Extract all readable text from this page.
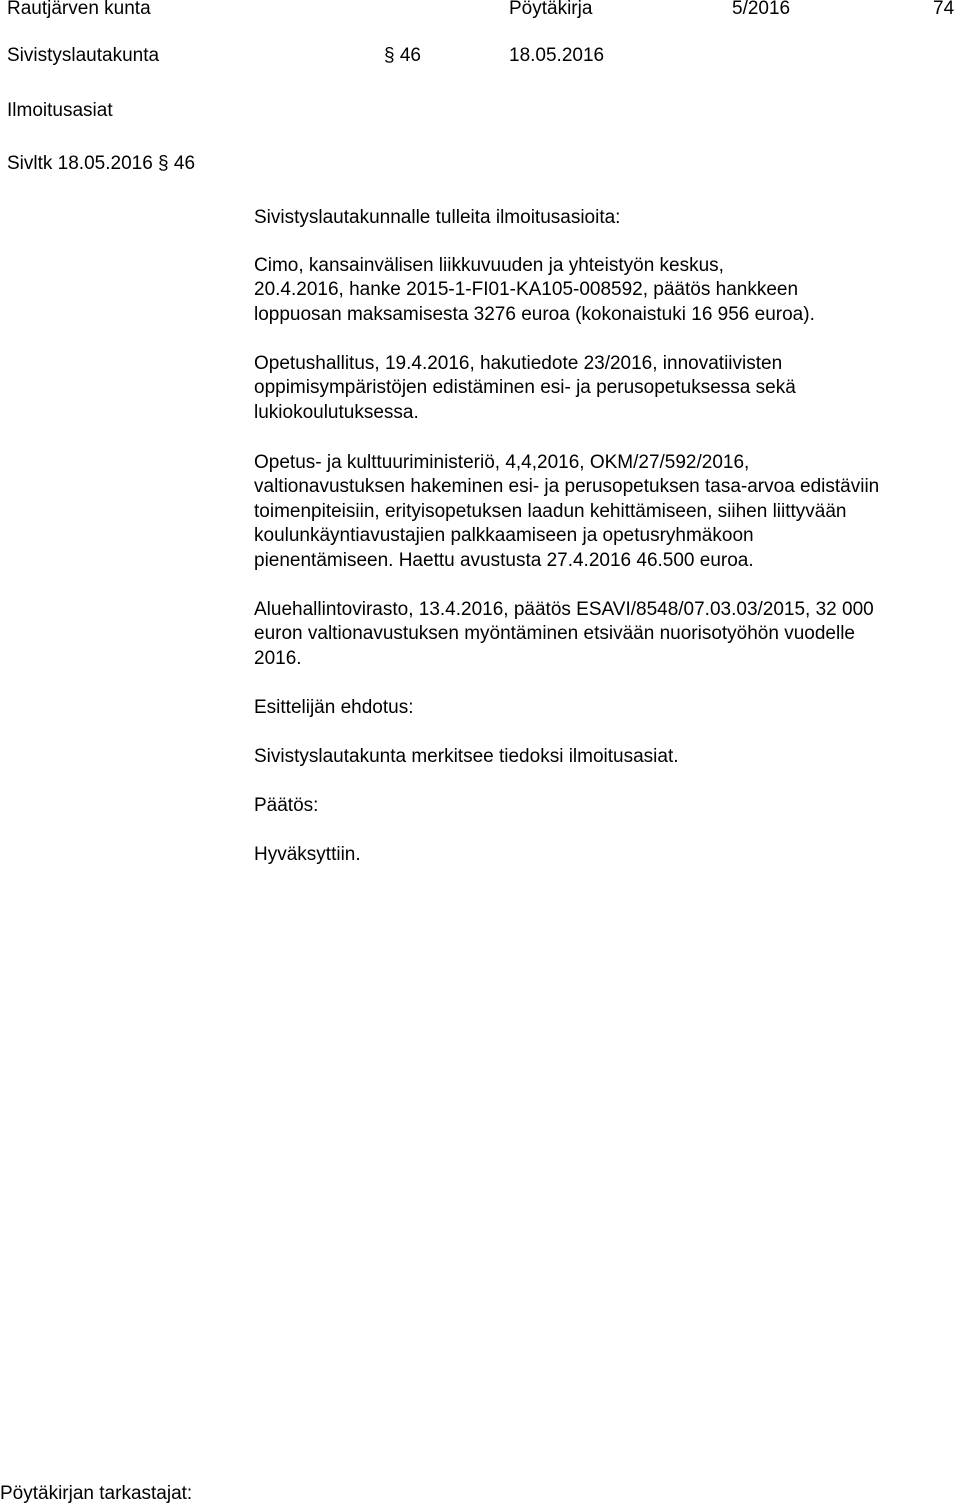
Rautjärven kunta	Pöytäkirja	5/2016	74
Sivistyslautakunta	§ 46	18.05.2016
Ilmoitusasiat
Sivltk 18.05.2016 § 46
Sivistyslautakunnalle tulleita ilmoitusasioita:
Cimo, kansainvälisen liikkuvuuden ja yhteistyön keskus,
20.4.2016, hanke 2015-1-FI01-KA105-008592, päätös hankkeen
loppuosan maksamisesta 3276 euroa (kokonaistuki 16 956 euroa).
Opetushallitus, 19.4.2016, hakutiedote 23/2016, innovatiivisten
oppimisympäristöjen edistäminen esi- ja perusopetuksessa sekä
lukiokoulutuksessa.
Opetus- ja kulttuuriministeriö, 4,4,2016, OKM/27/592/2016,
valtionavustuksen hakeminen esi- ja perusopetuksen tasa-arvoa edistäviin
toimenpiteisiin, erityisopetuksen laadun kehittämiseen, siihen liittyvään
koulunkäyntiavustajien palkkaamiseen ja opetusryhmäkoon
pienentämiseen. Haettu avustusta 27.4.2016 46.500 euroa.
Aluehallintovirasto, 13.4.2016, päätös ESAVI/8548/07.03.03/2015, 32 000
euron valtionavustuksen myöntäminen etsivään nuorisotyöhön vuodelle
2016.
Esittelijän ehdotus:
Sivistyslautakunta merkitsee tiedoksi ilmoitusasiat.
Päätös:
Hyväksyttiin.
Pöytäkirjan tarkastajat:
